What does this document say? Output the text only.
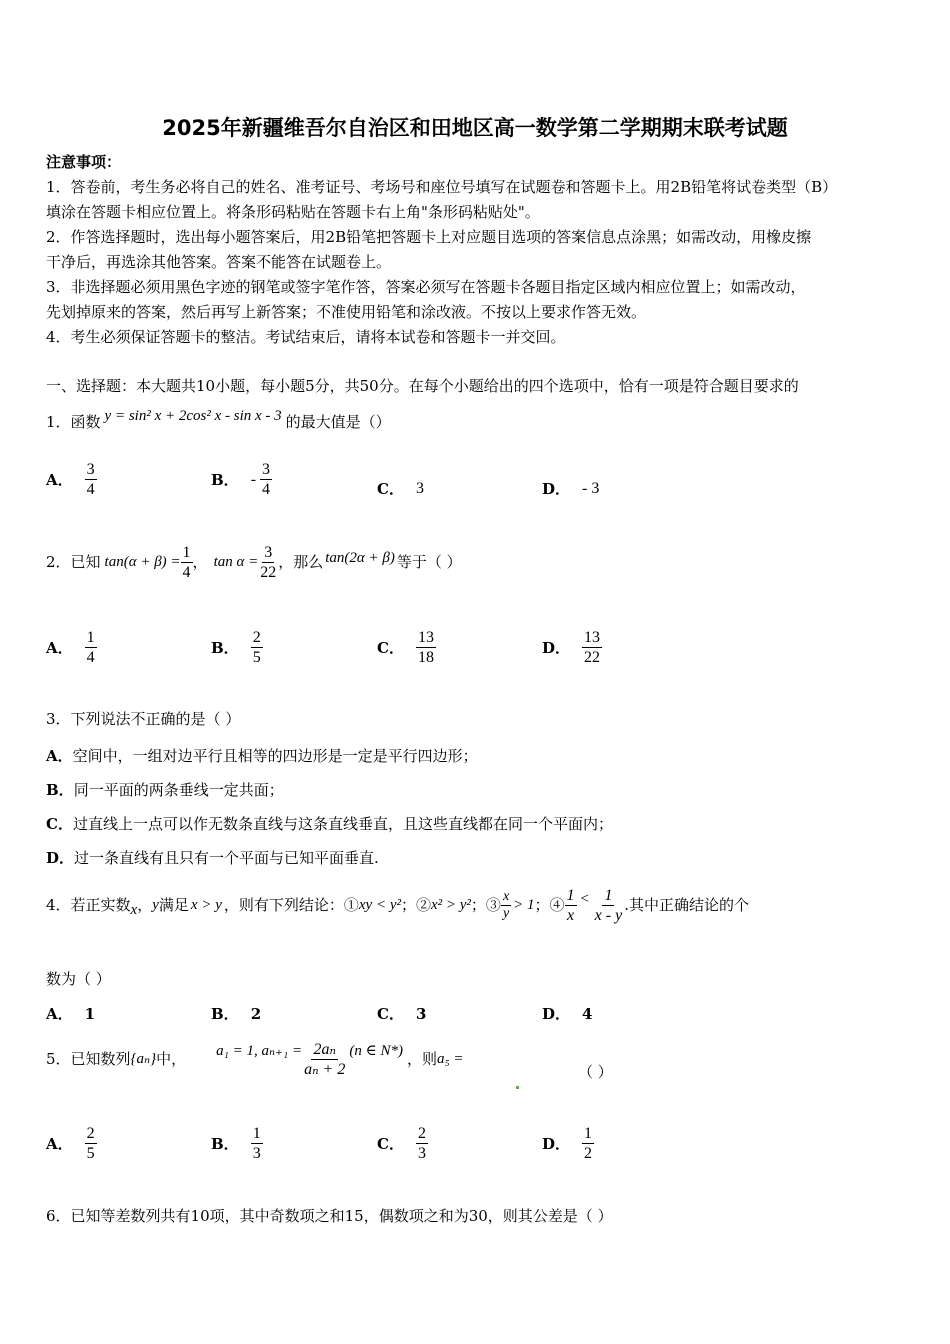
2025年新疆维吾尔自治区和田地区高一数学第二学期期末联考试题
注意事项：
1．答卷前，考生务必将自己的姓名、准考证号、考场号和座位号填写在试题卷和答题卡上。用2B铅笔将试卷类型（B）
填涂在答题卡相应位置上。将条形码粘贴在答题卡右上角"条形码粘贴处"。
2．作答选择题时，选出每小题答案后，用2B铅笔把答题卡上对应题目选项的答案信息点涂黑；如需改动，用橡皮擦
干净后，再选涂其他答案。答案不能答在试题卷上。
3．非选择题必须用黑色字迹的钢笔或签字笔作答，答案必须写在答题卡各题目指定区域内相应位置上；如需改动，
先划掉原来的答案，然后再写上新答案；不准使用铅笔和涂改液。不按以上要求作答无效。
4．考生必须保证答题卡的整洁。考试结束后，请将本试卷和答题卡一并交回。
一、选择题：本大题共10小题，每小题5分，共50分。在每个小题给出的四个选项中，恰有一项是符合题目要求的
1．函数 y = sin² x + 2cos² x - sin x - 3 的最大值是（）
A． $\frac{3}{4}$	B． - $\frac{3}{4}$	C． 3	D． - 3
2．已知 $\tan(\alpha + \beta) = \frac{1}{4}$ ， $\tan \alpha = \frac{3}{22}$ ，那么 tan(2α + β) 等于（ ）
A． $\frac{1}{4}$	B． $\frac{2}{5}$	C． $\frac{13}{18}$	D． $\frac{13}{22}$
3．下列说法不正确的是（ ）
A．空间中，一组对边平行且相等的四边形是一定是平行四边形；
B．同一平面的两条垂线一定共面；
C．过直线上一点可以作无数条直线与这条直线垂直，且这些直线都在同一个平面内；
D．过一条直线有且只有一个平面与已知平面垂直.
4．若正实数 x ， y 满足 x > y ，则有下列结论：① xy < y² ；② x² > y² ；③ $\frac{x}{y} > 1$ ；④ $\frac{1}{x} < \frac{1}{x - y}$ .其中正确结论的个
数为（ ）
A． 1	B． 2	C． 3	D． 4
5．已知数列 {aₙ} 中， a₁ = 1, $a_{n+1} = \frac{\text{2aₙ}}{\text{aₙ + 2}} (n$ ∈ N*) ，则 a₅ =
（ ）
A． $\frac{2}{5}$	B． $\frac{1}{3}$	C． $\frac{2}{3}$	D． $\frac{1}{2}$
6．已知等差数列共有10项，其中奇数项之和15，偶数项之和为30，则其公差是（ ）
